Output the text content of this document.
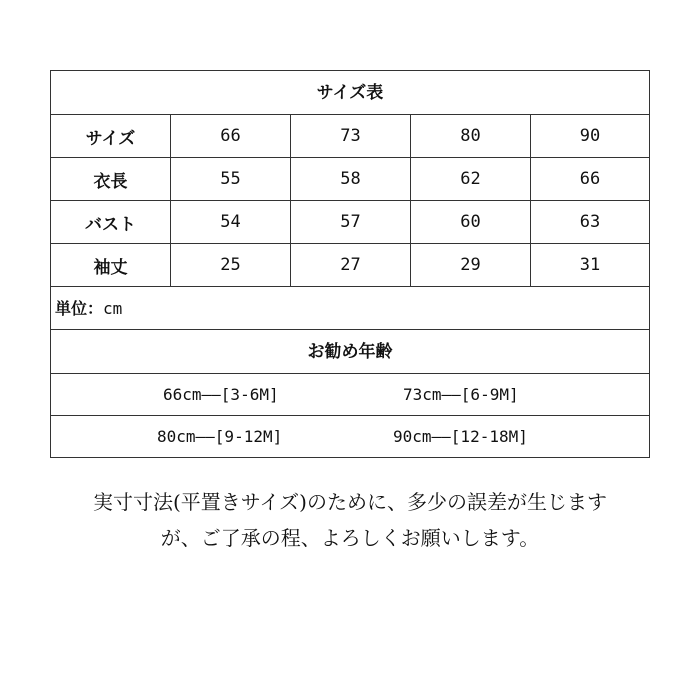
サイズ表
サイズ	66	73	80	90
衣長	55	58	62	66
バスト	54	57	60	63
袖丈	25	27	29	31
単位：cm
お勧め年齢
66cm——[3-6M]	73cm——[6-9M]
80cm——[9-12M]	90cm——[12-18M]
実寸寸法(平置きサイズ)のために、多少の誤差が生じます
が、ご了承の程、よろしくお願いします。
